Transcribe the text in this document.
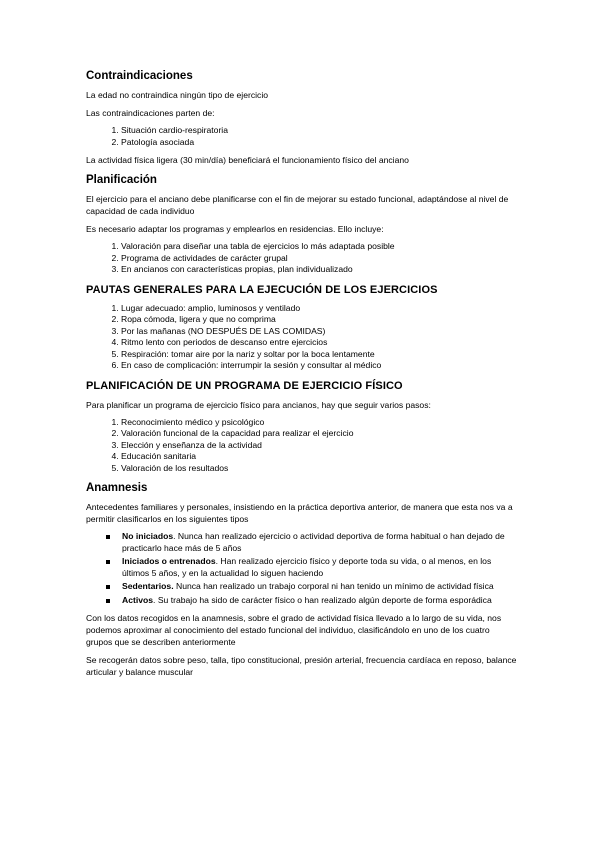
Contraindicaciones

La edad no contraindica ningún tipo de ejercicio

Las contraindicaciones parten de:

1. Situación cardio-respiratoria
2. Patología asociada

La actividad física ligera (30 min/día) beneficiará el funcionamiento físico del anciano

Planificación

El ejercicio para el anciano debe planificarse con el fin de mejorar su estado funcional, adaptándose al nivel de capacidad de cada individuo

Es necesario adaptar los programas y emplearlos en residencias. Ello incluye:

1. Valoración para diseñar una tabla de ejercicios lo más adaptada posible
2. Programa de actividades de carácter grupal
3. En ancianos con características propias, plan individualizado
PAUTAS GENERALES PARA LA EJECUCIÓN DE LOS EJERCICIOS
1. Lugar adecuado: amplio, luminosos y ventilado
2. Ropa cómoda, ligera y que no comprima
3. Por las mañanas (NO DESPUÉS DE LAS COMIDAS)
4. Ritmo lento con periodos de descanso entre ejercicios
5. Respiración: tomar aire por la nariz y soltar por la boca lentamente
6. En caso de complicación: interrumpir la sesión y consultar al médico
PLANIFICACIÓN DE UN PROGRAMA DE EJERCICIO FÍSICO

Para planificar un programa de ejercicio físico para ancianos, hay que seguir varios pasos:

1. Reconocimiento médico y psicológico
2. Valoración funcional de la capacidad para realizar el ejercicio
3. Elección y enseñanza de la actividad
4. Educación sanitaria
5. Valoración de los resultados
Anamnesis

Antecedentes familiares y personales, insistiendo en la práctica deportiva anterior, de manera que esta nos va a permitir clasificarlos en los siguientes tipos

No iniciados. Nunca han realizado ejercicio o actividad deportiva de forma habitual o han dejado de practicarlo hace más de 5 años
Iniciados o entrenados. Han realizado ejercicio físico y deporte toda su vida, o al menos, en los últimos 5 años, y en la actualidad lo siguen haciendo
Sedentarios. Nunca han realizado un trabajo corporal ni han tenido un mínimo de actividad física
Activos. Su trabajo ha sido de carácter físico o han realizado algún deporte de forma esporádica

Con los datos recogidos en la anamnesis, sobre el grado de actividad física llevado a lo largo de su vida, nos podemos aproximar al conocimiento del estado funcional del individuo, clasificándolo en uno de los cuatro grupos que se describen anteriormente

Se recogerán datos sobre peso, talla, tipo constitucional, presión arterial, frecuencia cardíaca en reposo, balance articular y balance muscular
